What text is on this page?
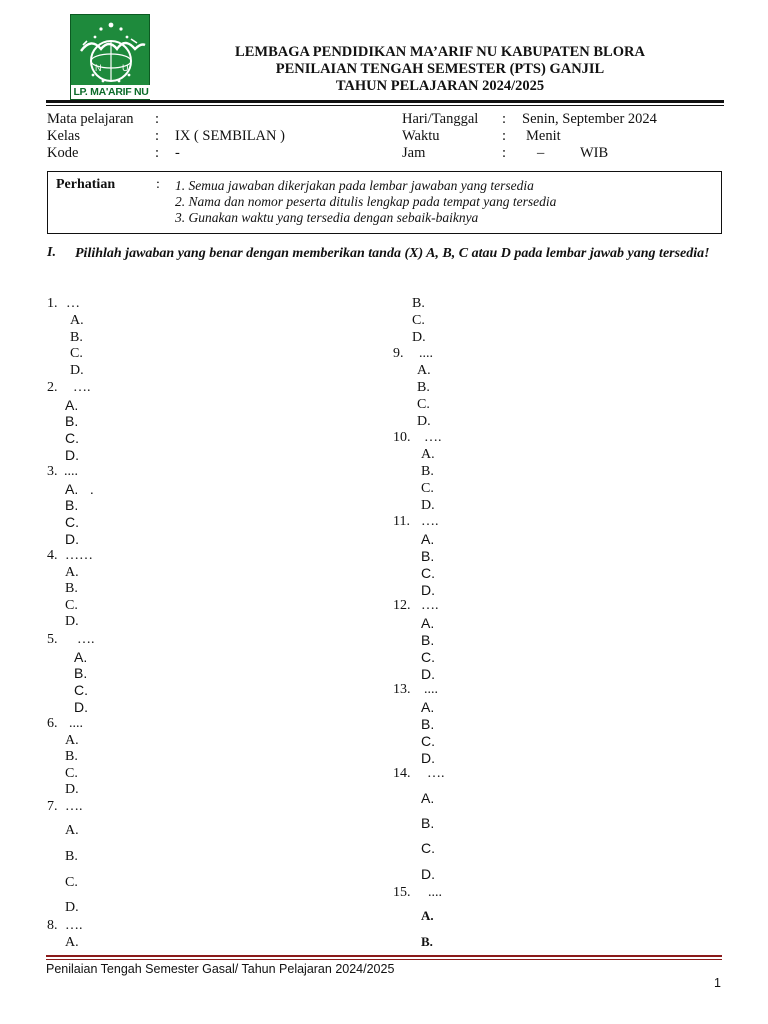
N U
LP. MA'ARIF NU
LEMBAGA PENDIDIKAN MA’ARIF NU KABUPATEN BLORA
PENILAIAN TENGAH SEMESTER (PTS) GANJIL
TAHUN PELAJARAN 2024/2025
Mata pelajaran :
Kelas	: IX ( SEMBILAN )
Kode	: -
Hari/Tanggal : Senin, September 2024
Waktu	: Menit
Jam	: – WIB
Perhatian	: 1. Semua jawaban dikerjakan pada lembar jawaban yang tersedia
2. Nama dan nomor peserta ditulis lengkap pada tempat yang tersedia
3. Gunakan waktu yang tersedia dengan sebaik-baiknya
I. Pilihlah jawaban yang benar dengan memberikan tanda (X) A, B, C atau D pada lembar jawab yang tersedia!
1. …
A.
B.
C.
D.
2. ….
A.
B.
C.
D.
3. ....
A.   .
B.
C.
D.
4. ……
A.
B.
C.
D.
5. ….
A.
B.
C.
D.
6. ....
A.
B.
C.
D.
7. ….
A.
B.
C.
D.
8. ….
A.
B.
C.
D.
9. ....
A.
B.
C.
D.
10. ….
A.
B.
C.
D.
11. ….
A.
B.
C.
D.
12. ….
A.
B.
C.
D.
13. ....
A.
B.
C.
D.
14. ….
A.
B.
C.
D.
15. ....
A.
B.
Penilaian Tengah Semester Gasal/ Tahun Pelajaran 2024/2025
1
